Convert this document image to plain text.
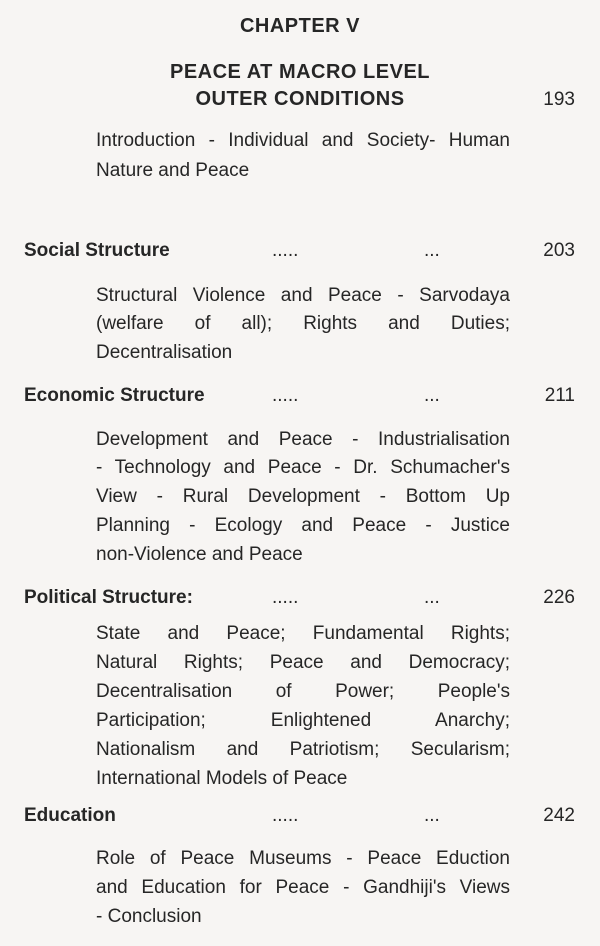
CHAPTER V
PEACE AT MACRO LEVEL
OUTER CONDITIONS	193
Introduction - Individual and Society- Human
Nature and Peace
Social Structure	.....	...	203
Structural Violence and Peace - Sarvodaya
(welfare of all); Rights and Duties;
Decentralisation
Economic Structure	.....	...	211
Development and Peace - Industrialisation
- Technology and Peace - Dr. Schumacher's
View - Rural Development - Bottom Up
Planning - Ecology and Peace - Justice
non-Violence and Peace
Political Structure:	.....	...	226
State and Peace; Fundamental Rights;
Natural Rights; Peace and Democracy;
Decentralisation of Power; People's
Participation; Enlightened Anarchy;
Nationalism and Patriotism; Secularism;
International Models of Peace
Education	.....	...	242
Role of Peace Museums - Peace Eduction
and Education for Peace - Gandhiji's Views
- Conclusion
